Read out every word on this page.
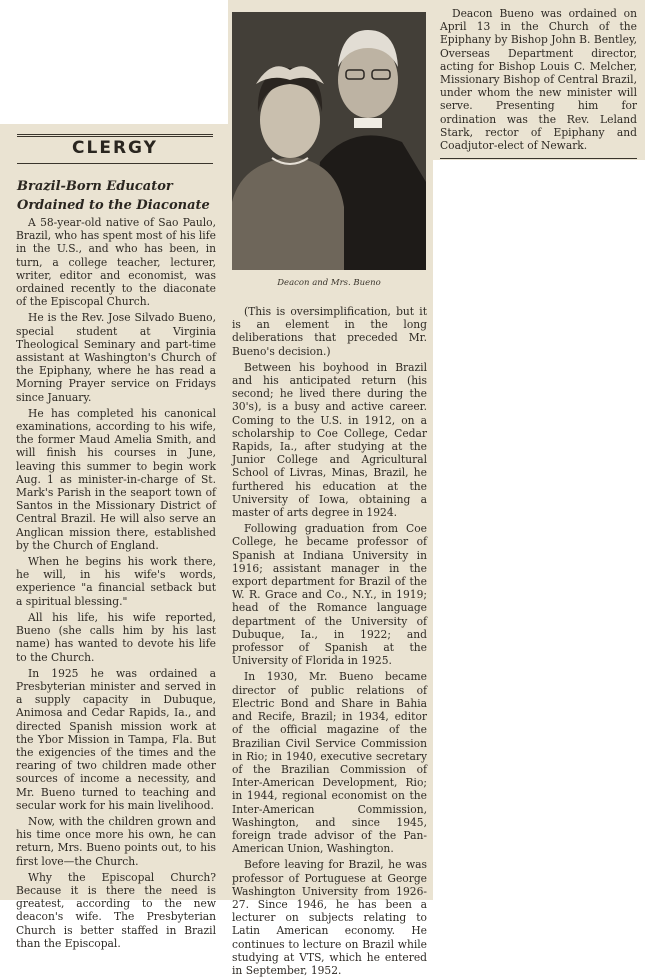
CLERGY
Brazil-Born Educator Ordained to the Diaconate

A 58-year-old native of Sao Paulo, Brazil, who has spent most of his life in the U.S., and who has been, in turn, a college teacher, lecturer, writer, editor and economist, was ordained recently to the diaconate of the Episcopal Church.

He is the Rev. Jose Silvado Bueno, special student at Virginia Theological Seminary and part-time assistant at Washington's Church of the Epiphany, where he has read a Morning Prayer service on Fridays since January.

He has completed his canonical examinations, according to his wife, the former Maud Amelia Smith, and will finish his courses in June, leaving this summer to begin work Aug. 1 as minister-in-charge of St. Mark's Parish in the seaport town of Santos in the Missionary District of Central Brazil. He will also serve an Anglican mission there, established by the Church of England.

When he begins his work there, he will, in his wife's words, experience "a financial setback but a spiritual blessing."

All his life, his wife reported, Bueno (she calls him by his last name) has wanted to devote his life to the Church.

In 1925 he was ordained a Presbyterian minister and served in a supply capacity in Dubuque, Animosa and Cedar Rapids, Ia., and directed Spanish mission work at the Ybor Mission in Tampa, Fla. But the exigencies of the times and the rearing of two children made other sources of income a necessity, and Mr. Bueno turned to teaching and secular work for his main livelihood.

Now, with the children grown and his time once more his own, he can return, Mrs. Bueno points out, to his first love—the Church.

Why the Episcopal Church? Because it is there the need is greatest, according to the new deacon's wife. The Presbyterian Church is better staffed in Brazil than the Episcopal.

Deacon and Mrs. Bueno

(This is oversimplification, but it is an element in the long deliberations that preceded Mr. Bueno's decision.)

Between his boyhood in Brazil and his anticipated return (his second; he lived there during the 30's), is a busy and active career. Coming to the U.S. in 1912, on a scholarship to Coe College, Cedar Rapids, Ia., after studying at the Junior College and Agricultural School of Livras, Minas, Brazil, he furthered his education at the University of Iowa, obtaining a master of arts degree in 1924.

Following graduation from Coe College, he became professor of Spanish at Indiana University in 1916; assistant manager in the export department for Brazil of the W. R. Grace and Co., N.Y., in 1919; head of the Romance language department of the University of Dubuque, Ia., in 1922; and professor of Spanish at the University of Florida in 1925.

In 1930, Mr. Bueno became director of public relations of Electric Bond and Share in Bahia and Recife, Brazil; in 1934, editor of the official magazine of the Brazilian Civil Service Commission in Rio; in 1940, executive secretary of the Brazilian Commission of Inter-American Development, Rio; in 1944, regional economist on the Inter-American Commission, Washington, and since 1945, foreign trade advisor of the Pan-American Union, Washington.

Before leaving for Brazil, he was professor of Portuguese at George Washington University from 1926-27. Since 1946, he has been a lecturer on subjects relating to Latin American economy. He continues to lecture on Brazil while studying at VTS, which he entered in September, 1952.

Deacon Bueno was ordained on April 13 in the Church of the Epiphany by Bishop John B. Bentley, Overseas Department director, acting for Bishop Louis C. Melcher, Missionary Bishop of Central Brazil, under whom the new minister will serve. Presenting him for ordination was the Rev. Leland Stark, rector of Epiphany and Coadjutor-elect of Newark.
